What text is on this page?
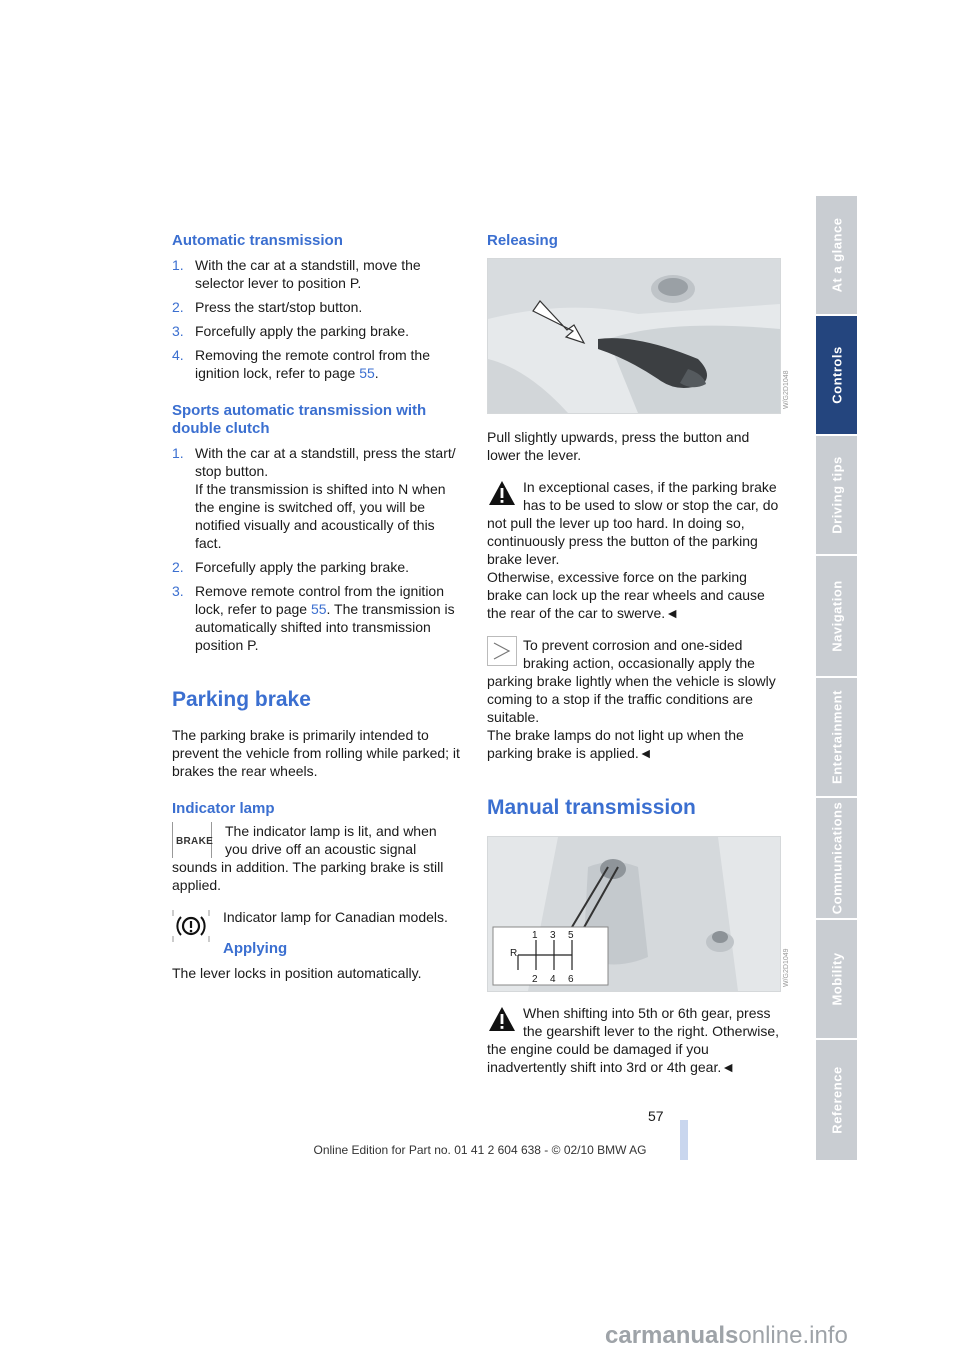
Automatic transmission
1. With the car at a standstill, move the selector lever to position P.
2. Press the start/stop button.
3. Forcefully apply the parking brake.
4. Removing the remote control from the ignition lock, refer to page 55.
Sports automatic transmission with double clutch
1. With the car at a standstill, press the start/ stop button.
If the transmission is shifted into N when the engine is switched off, you will be notified visually and acoustically of this fact.
2. Forcefully apply the parking brake.
3. Remove remote control from the ignition lock, refer to page 55. The transmission is automatically shifted into transmission position P.
Parking brake

The parking brake is primarily intended to prevent the vehicle from rolling while parked; it brakes the rear wheels.

Indicator lamp
BRAKE
The indicator lamp is lit, and when you drive off an acoustic signal sounds in addition. The parking brake is still applied.
Indicator lamp for Canadian models.
Applying

The lever locks in position automatically.

Releasing
W/G2D1048

Pull slightly upwards, press the button and lower the lever.

In exceptional cases, if the parking brake has to be used to slow or stop the car, do not pull the lever up too hard. In doing so, continuously press the button of the parking brake lever.
Otherwise, excessive force on the parking brake can lock up the rear wheels and cause the rear of the car to swerve.◄
To prevent corrosion and one-sided braking action, occasionally apply the parking brake lightly when the vehicle is slowly coming to a stop if the traffic conditions are suitable.
The brake lamps do not light up when the parking brake is applied.◄
Manual transmission
1 3 5
2 4 6
R	W/G2D1049
When shifting into 5th or 6th gear, press the gearshift lever to the right. Otherwise, the engine could be damaged if you inadvertently shift into 3rd or 4th gear.◄
At a glance
Controls
Driving tips
Navigation
Entertainment
Communications
Mobility
Reference
57
Online Edition for Part no. 01 41 2 604 638 - © 02/10 BMW AG
carmanualsonline.info
